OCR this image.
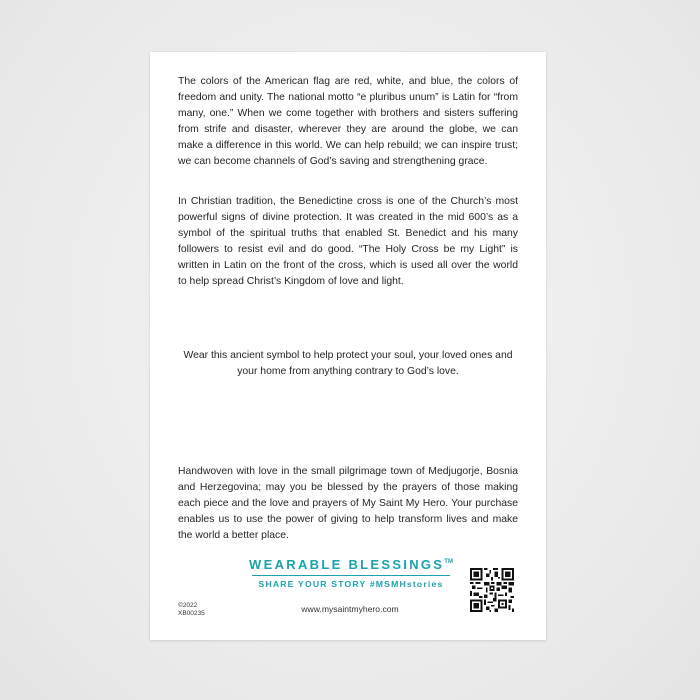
The colors of the American flag are red, white, and blue, the colors of freedom and unity. The national motto “e pluribus unum” is Latin for “from many, one.” When we come together with brothers and sisters suffering from strife and disaster, wherever they are around the globe, we can make a difference in this world. We can help rebuild; we can inspire trust; we can become channels of God’s saving and strengthening grace.

In Christian tradition, the Benedictine cross is one of the Church’s most powerful signs of divine protection. It was created in the mid 600’s as a symbol of the spiritual truths that enabled St. Benedict and his many followers to resist evil and do good. “The Holy Cross be my Light” is written in Latin on the front of the cross, which is used all over the world to help spread Christ’s Kingdom of love and light.

Wear this ancient symbol to help protect your soul, your loved ones and your home from anything contrary to God’s love.

Handwoven with love in the small pilgrimage town of Medjugorje, Bosnia and Herzegovina; may you be blessed by the prayers of those making each piece and the love and prayers of My Saint My Hero. Your purchase enables us to use the power of giving to help transform lives and make the world a better place.

WEARABLE BLESSINGS™
SHARE YOUR STORY #MSMHstories
©2022
XB00235	www.mysaintmyhero.com
